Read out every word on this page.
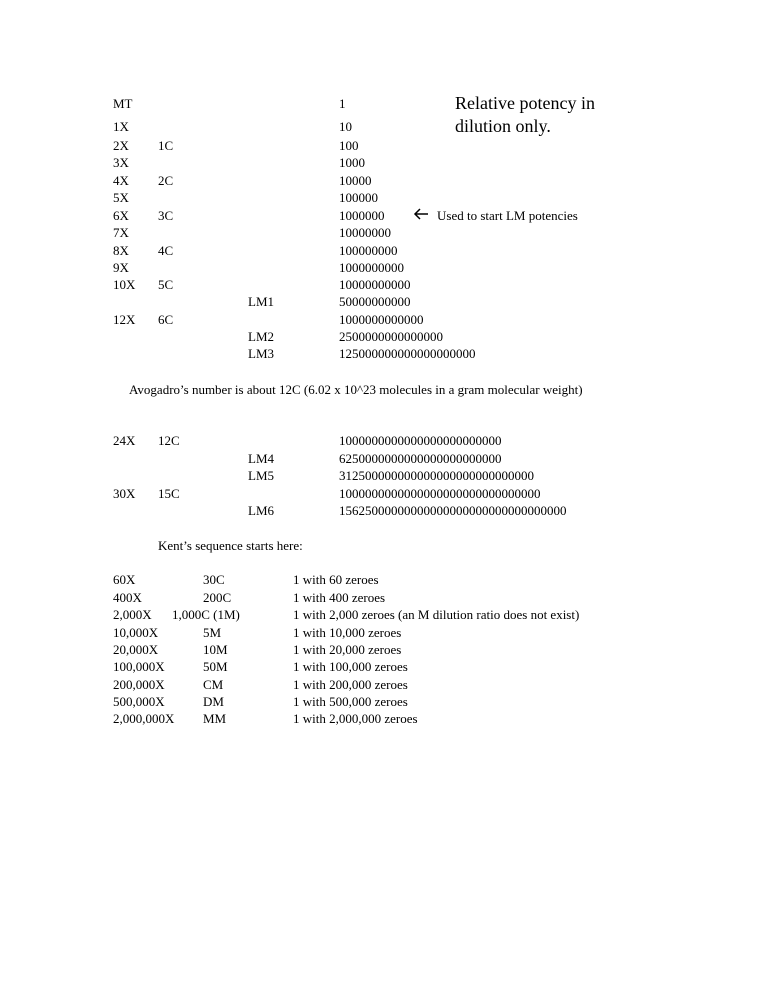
Relative potency in
dilution only.
MT	1
1X	10
2X 1C	100
3X	1000
4X 2C	10000
5X	100000
6X 3C	1000000	Used to start LM potencies
7X	10000000
8X 4C	100000000
9X	1000000000
10X 5C	10000000000
LM1	50000000000
12X 6C	1000000000000
LM2	2500000000000000
LM3	125000000000000000000
Avogadro’s number is about 12C (6.02 x 10^23 molecules in a gram molecular weight)
24X 12C	1000000000000000000000000
LM4	6250000000000000000000000
LM5	312500000000000000000000000000
30X 15C	1000000000000000000000000000000
LM6	15625000000000000000000000000000000
Kent’s sequence starts here:
60X	30C	1 with 60 zeroes
400X	200C	1 with 400 zeroes
2,000X 1,000C (1M)	1 with 2,000 zeroes (an M dilution ratio does not exist)
10,000X	5M	1 with 10,000 zeroes
20,000X	10M	1 with 20,000 zeroes
100,000X	50M	1 with 100,000 zeroes
200,000X	CM	1 with 200,000 zeroes
500,000X	DM	1 with 500,000 zeroes
2,000,000X MM	1 with 2,000,000 zeroes
